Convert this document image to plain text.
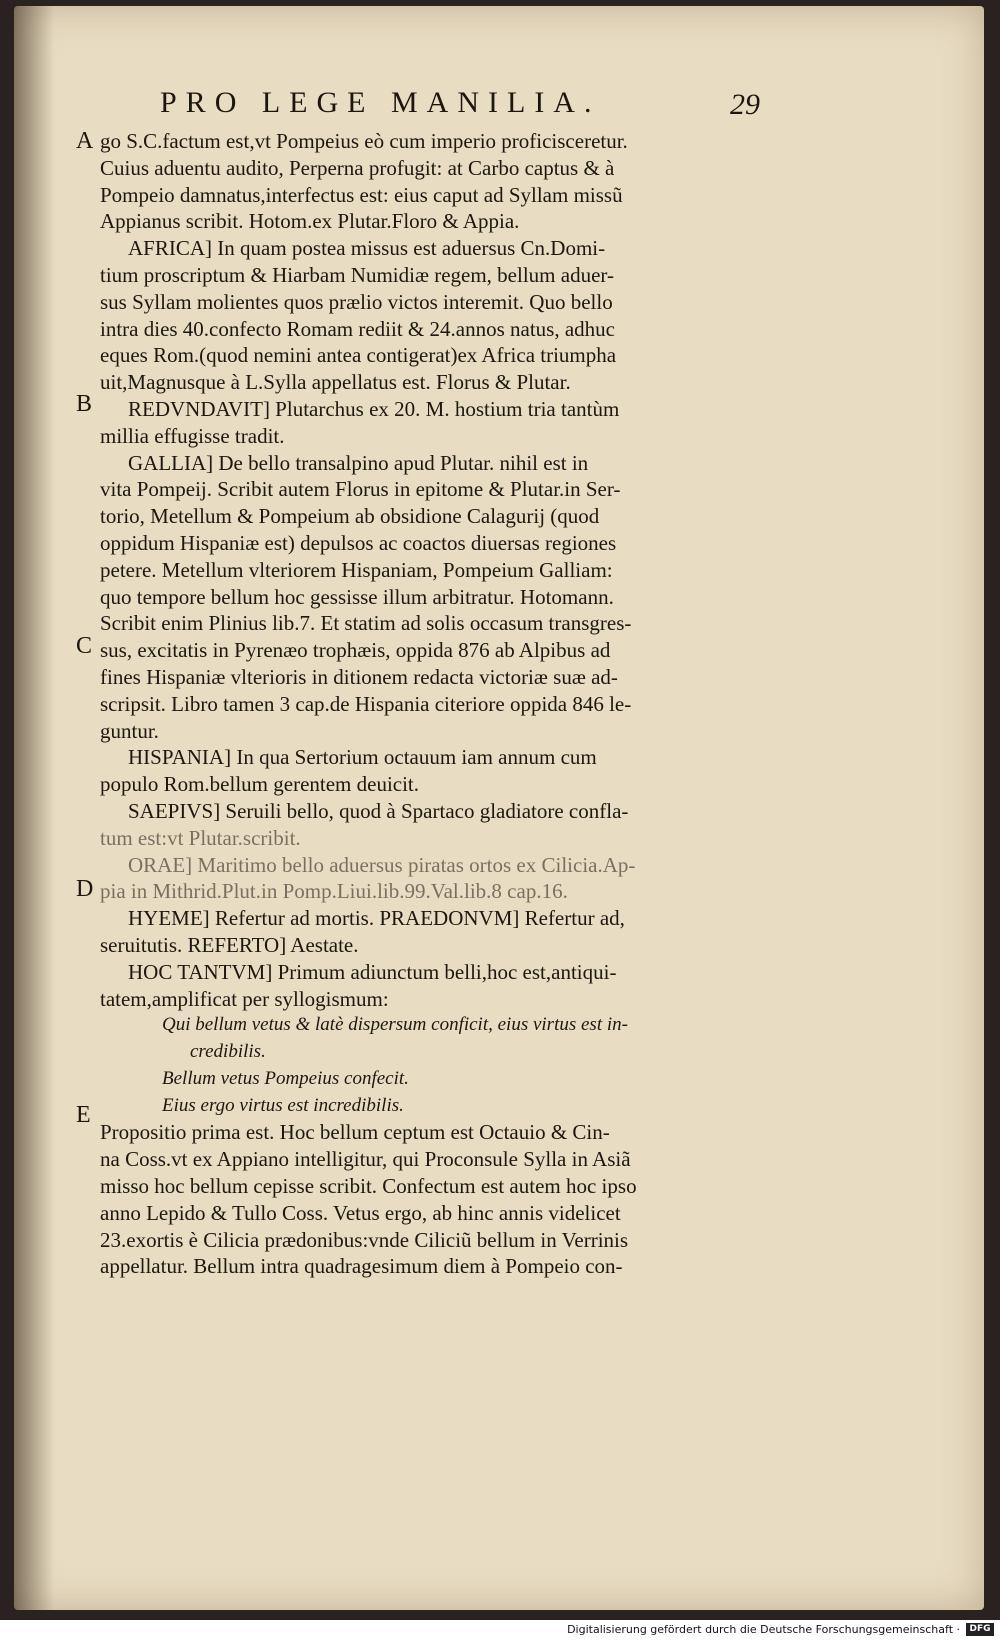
PRO LEGE MANILIA.	29
A
B
C
D
E
go S.C.factum est,vt Pompeius eò cum imperio proficisceretur.
Cuius aduentu audito, Perperna profugit: at Carbo captus & à
Pompeio damnatus,interfectus est: eius caput ad Syllam missũ
Appianus scribit. Hotom.ex Plutar.Floro & Appia.
AFRICA] In quam postea missus est aduersus Cn.Domi-
tium proscriptum & Hiarbam Numidiæ regem, bellum aduer-
sus Syllam molientes quos prælio victos interemit. Quo bello
intra dies 40.confecto Romam rediit & 24.annos natus, adhuc
eques Rom.(quod nemini antea contigerat)ex Africa triumpha
uit,Magnusque à L.Sylla appellatus est. Florus & Plutar.
REDVNDAVIT] Plutarchus ex 20. M. hostium tria tantùm
millia effugisse tradit.
GALLIA] De bello transalpino apud Plutar. nihil est in
vita Pompeij. Scribit autem Florus in epitome & Plutar.in Ser-
torio, Metellum & Pompeium ab obsidione Calagurij (quod
oppidum Hispaniæ est) depulsos ac coactos diuersas regiones
petere. Metellum vlteriorem Hispaniam, Pompeium Galliam:
quo tempore bellum hoc gessisse illum arbitratur. Hotomann.
Scribit enim Plinius lib.7. Et statim ad solis occasum transgres-
sus, excitatis in Pyrenæo trophæis, oppida 876 ab Alpibus ad
fines Hispaniæ vlterioris in ditionem redacta victoriæ suæ ad-
scripsit. Libro tamen 3 cap.de Hispania citeriore oppida 846 le-
guntur.
HISPANIA] In qua Sertorium octauum iam annum cum
populo Rom.bellum gerentem deuicit.
SAEPIVS] Seruili bello, quod à Spartaco gladiatore confla-
tum est:vt Plutar.scribit.
ORAE] Maritimo bello aduersus piratas ortos ex Cilicia.Ap-
pia in Mithrid.Plut.in Pomp.Liui.lib.99.Val.lib.8 cap.16.
HYEME] Refertur ad mortis. PRAEDONVM] Refertur ad,
seruitutis. REFERTO] Aestate.
HOC TANTVM] Primum adiunctum belli,hoc est,antiqui-
tatem,amplificat per syllogismum:
Qui bellum vetus & latè dispersum conficit, eius virtus est in-
credibilis.
Bellum vetus Pompeius confecit.
Eius ergo virtus est incredibilis.
Propositio prima est. Hoc bellum ceptum est Octauio & Cin-
na Coss.vt ex Appiano intelligitur, qui Proconsule Sylla in Asiã
misso hoc bellum cepisse scribit. Confectum est autem hoc ipso
anno Lepido & Tullo Coss. Vetus ergo, ab hinc annis videlicet
23.exortis è Cilicia prædonibus:vnde Ciliciũ bellum in Verrinis
appellatur. Bellum intra quadragesimum diem à Pompeio con-
Digitalisierung gefördert durch die Deutsche Forschungsgemeinschaft ·	DFG
